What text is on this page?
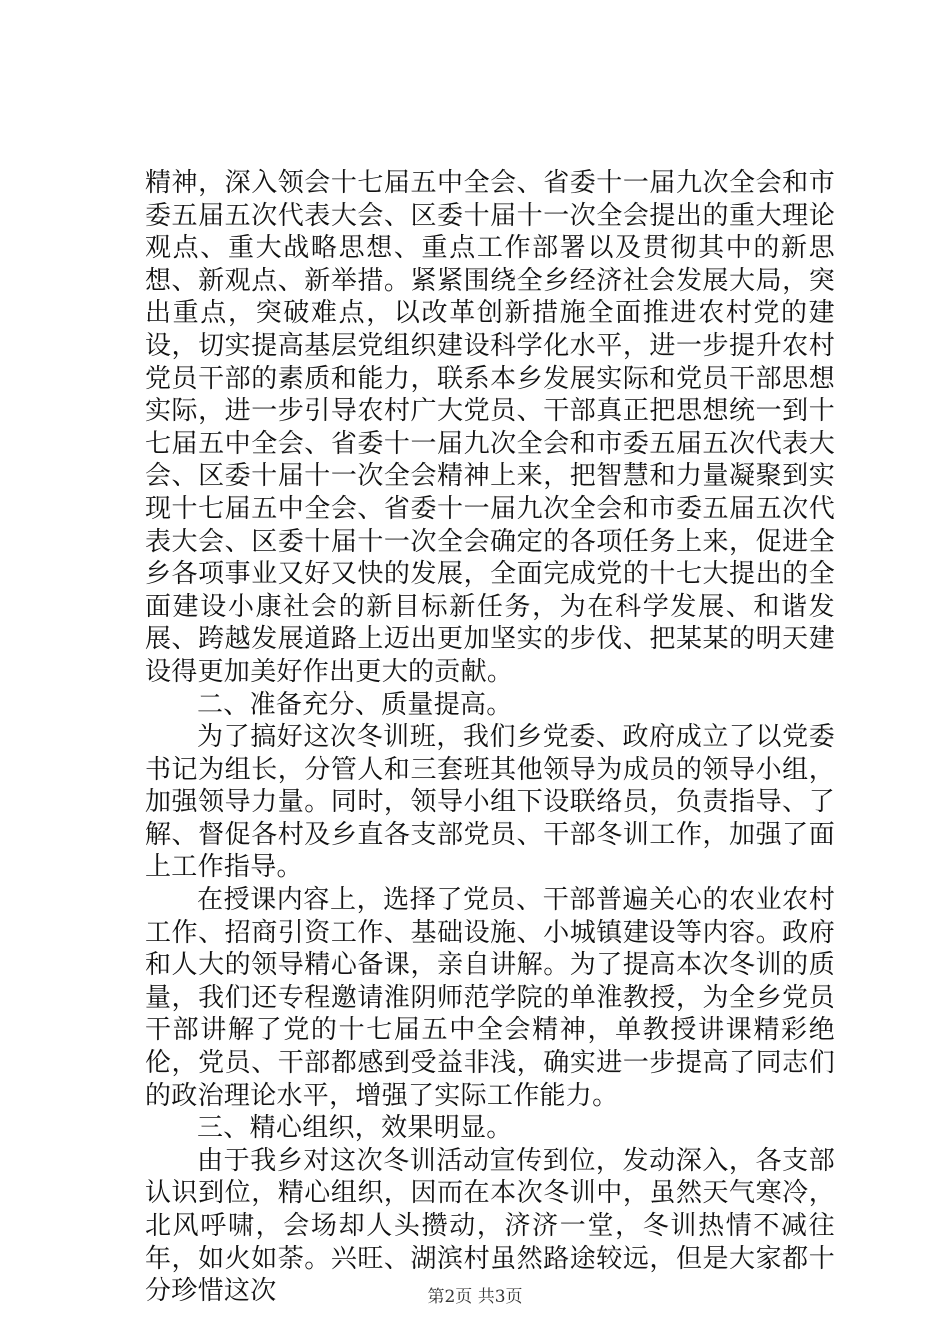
精神，深入领会十七届五中全会、省委十一届九次全会和市委五届五次代表大会、区委十届十一次全会提出的重大理论观点、重大战略思想、重点工作部署以及贯彻其中的新思想、新观点、新举措。紧紧围绕全乡经济社会发展大局，突出重点，突破难点，以改革创新措施全面推进农村党的建设，切实提高基层党组织建设科学化水平，进一步提升农村党员干部的素质和能力，联系本乡发展实际和党员干部思想实际，进一步引导农村广大党员、干部真正把思想统一到十七届五中全会、省委十一届九次全会和市委五届五次代表大会、区委十届十一次全会精神上来，把智慧和力量凝聚到实现十七届五中全会、省委十一届九次全会和市委五届五次代表大会、区委十届十一次全会确定的各项任务上来，促进全乡各项事业又好又快的发展，全面完成党的十七大提出的全面建设小康社会的新目标新任务，为在科学发展、和谐发展、跨越发展道路上迈出更加坚实的步伐、把某某的明天建设得更加美好作出更大的贡献。

二、准备充分、质量提高。

为了搞好这次冬训班，我们乡党委、政府成立了以党委书记为组长，分管人和三套班其他领导为成员的领导小组，加强领导力量。同时，领导小组下设联络员，负责指导、了解、督促各村及乡直各支部党员、干部冬训工作，加强了面上工作指导。

在授课内容上，选择了党员、干部普遍关心的农业农村工作、招商引资工作、基础设施、小城镇建设等内容。政府和人大的领导精心备课，亲自讲解。为了提高本次冬训的质量，我们还专程邀请淮阴师范学院的单淮教授，为全乡党员干部讲解了党的十七届五中全会精神，单教授讲课精彩绝伦，党员、干部都感到受益非浅，确实进一步提高了同志们的政治理论水平，增强了实际工作能力。

三、精心组织，效果明显。

由于我乡对这次冬训活动宣传到位，发动深入，各支部认识到位，精心组织，因而在本次冬训中，虽然天气寒冷，北风呼啸，会场却人头攒动，济济一堂，冬训热情不减往年，如火如荼。兴旺、湖滨村虽然路途较远，但是大家都十分珍惜这次	第2页 共3页
